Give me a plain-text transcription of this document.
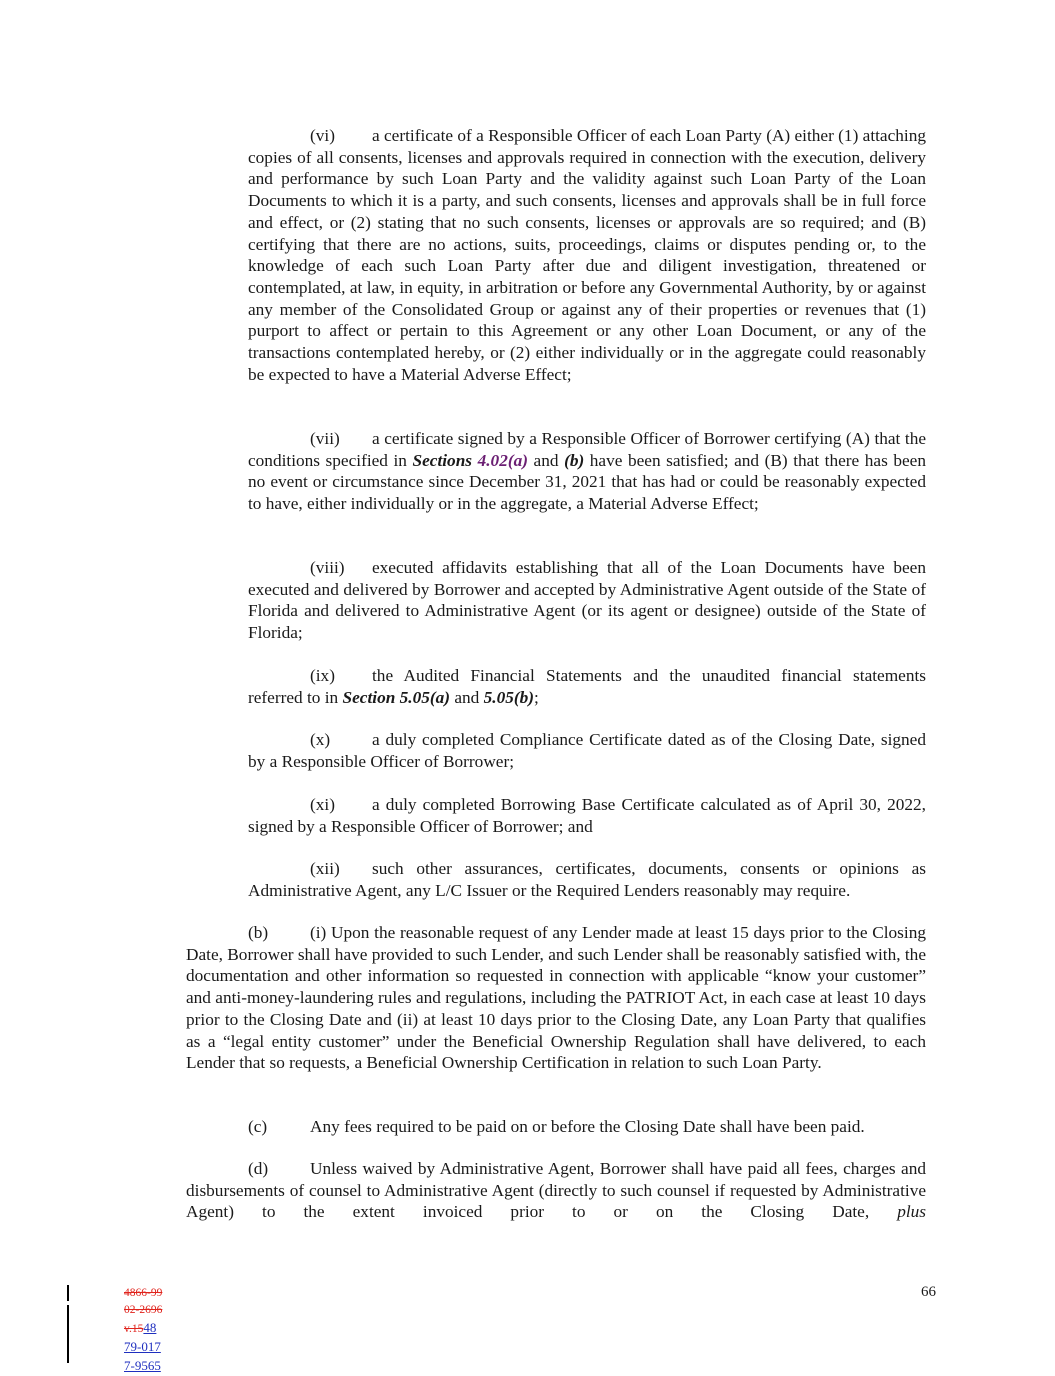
(vi) a certificate of a Responsible Officer of each Loan Party (A) either (1) attaching copies of all consents, licenses and approvals required in connection with the execution, delivery and performance by such Loan Party and the validity against such Loan Party of the Loan Documents to which it is a party, and such consents, licenses and approvals shall be in full force and effect, or (2) stating that no such consents, licenses or approvals are so required; and (B) certifying that there are no actions, suits, proceedings, claims or disputes pending or, to the knowledge of each such Loan Party after due and diligent investigation, threatened or contemplated, at law, in equity, in arbitration or before any Governmental Authority, by or against any member of the Consolidated Group or against any of their properties or revenues that (1) purport to affect or pertain to this Agreement or any other Loan Document, or any of the transactions contemplated hereby, or (2) either individually or in the aggregate could reasonably be expected to have a Material Adverse Effect;

(vii) a certificate signed by a Responsible Officer of Borrower certifying (A) that the conditions specified in Sections 4.02(a) and (b) have been satisfied; and (B) that there has been no event or circumstance since December 31, 2021 that has had or could be reasonably expected to have, either individually or in the aggregate, a Material Adverse Effect;

(viii) executed affidavits establishing that all of the Loan Documents have been executed and delivered by Borrower and accepted by Administrative Agent outside of the State of Florida and delivered to Administrative Agent (or its agent or designee) outside of the State of Florida;

(ix) the Audited Financial Statements and the unaudited financial statements referred to in Section 5.05(a) and 5.05(b);

(x) a duly completed Compliance Certificate dated as of the Closing Date, signed by a Responsible Officer of Borrower;

(xi) a duly completed Borrowing Base Certificate calculated as of April 30, 2022, signed by a Responsible Officer of Borrower; and

(xii) such other assurances, certificates, documents, consents or opinions as Administrative Agent, any L/C Issuer or the Required Lenders reasonably may require.

(b) (i) Upon the reasonable request of any Lender made at least 15 days prior to the Closing Date, Borrower shall have provided to such Lender, and such Lender shall be reasonably satisfied with, the documentation and other information so requested in connection with applicable “know your customer” and anti-money-laundering rules and regulations, including the PATRIOT Act, in each case at least 10 days prior to the Closing Date and (ii) at least 10 days prior to the Closing Date, any Loan Party that qualifies as a “legal entity customer” under the Beneficial Ownership Regulation shall have delivered, to each Lender that so requests, a Beneficial Ownership Certification in relation to such Loan Party.

(c) Any fees required to be paid on or before the Closing Date shall have been paid.

(d) Unless waived by Administrative Agent, Borrower shall have paid all fees, charges and disbursements of counsel to Administrative Agent (directly to such counsel if requested by Administrative Agent) to the extent invoiced prior to or on the Closing Date, plus

66
4866-99
02-2696
v.1548
79-017
7-9565
